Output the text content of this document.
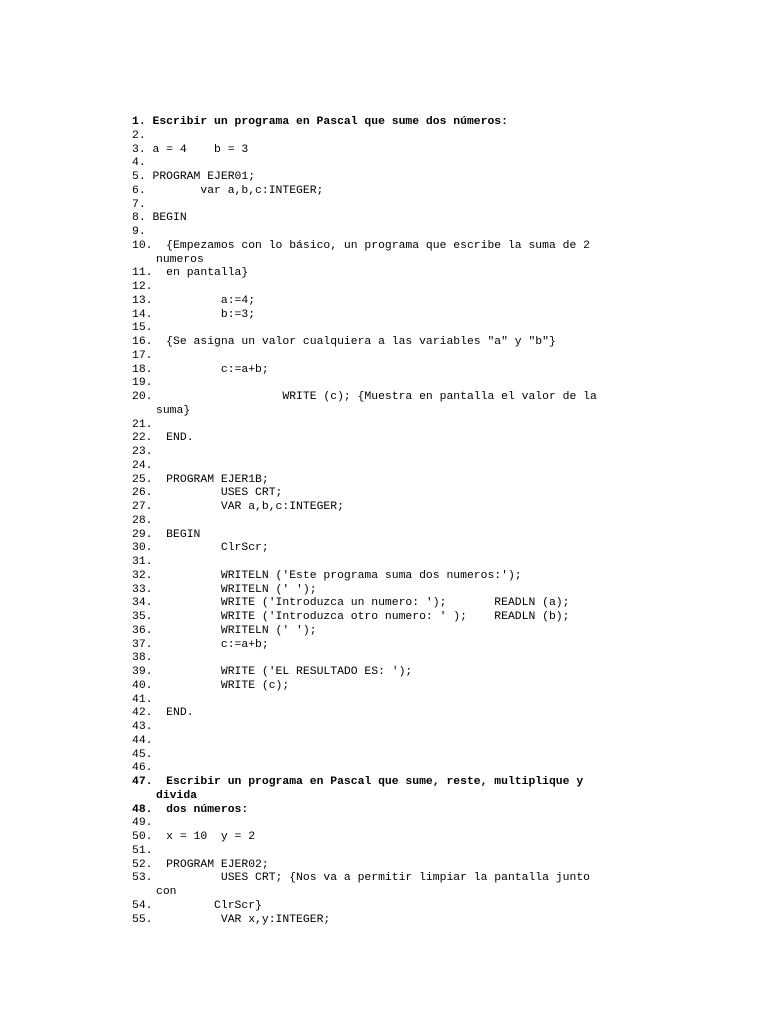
1. Escribir un programa en Pascal que sume dos números:
2.
3. a = 4    b = 3
4.
5. PROGRAM EJER01;
6.        var a,b,c:INTEGER;
7.
8. BEGIN
9.
10.  {Empezamos con lo básico, un programa que escribe la suma de 2
numeros
11.  en pantalla}
12.
13.          a:=4;
14.          b:=3;
15.
16.  {Se asigna un valor cualquiera a las variables "a" y "b"}
17.
18.          c:=a+b;
19.
20.                   WRITE (c); {Muestra en pantalla el valor de la
suma}
21.
22.  END.
23.
24.
25.  PROGRAM EJER1B;
26.          USES CRT;
27.          VAR a,b,c:INTEGER;
28.
29.  BEGIN
30.          ClrScr;
31.
32.          WRITELN ('Este programa suma dos numeros:');
33.          WRITELN (' ');
34.          WRITE ('Introduzca un numero: ');       READLN (a);
35.          WRITE ('Introduzca otro numero: ' );    READLN (b);
36.          WRITELN (' ');
37.          c:=a+b;
38.
39.          WRITE ('EL RESULTADO ES: ');
40.          WRITE (c);
41.
42.  END.
43.
44.
45.
46.
47.  Escribir un programa en Pascal que sume, reste, multiplique y
divida
48.  dos números:
49.
50.  x = 10  y = 2
51.
52.  PROGRAM EJER02;
53.          USES CRT; {Nos va a permitir limpiar la pantalla junto
con
54.         ClrScr}
55.          VAR x,y:INTEGER;
